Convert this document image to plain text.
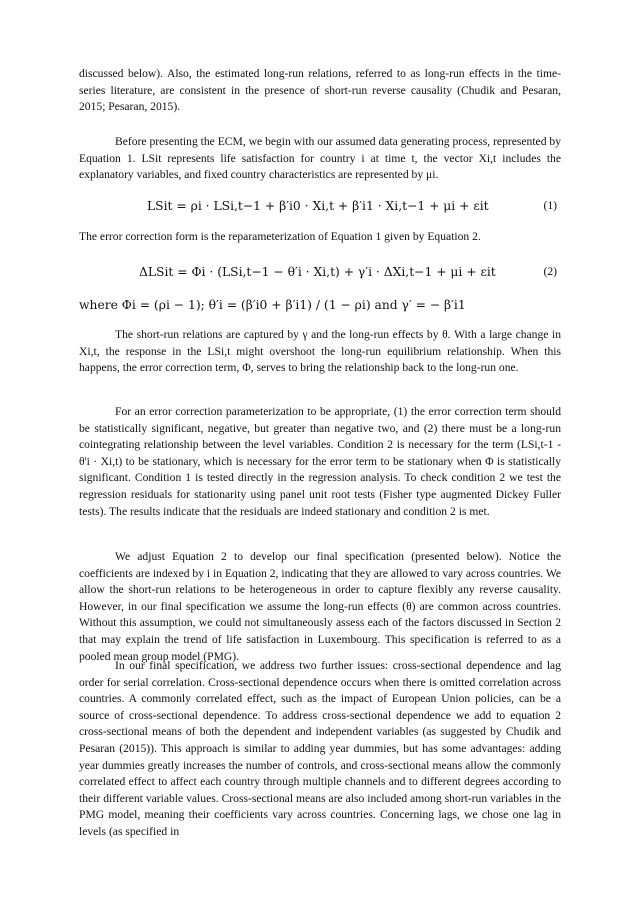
discussed below). Also, the estimated long-run relations, referred to as long-run effects in the time-series literature, are consistent in the presence of short-run reverse causality (Chudik and Pesaran, 2015; Pesaran, 2015).

Before presenting the ECM, we begin with our assumed data generating process, represented by Equation 1. LSit represents life satisfaction for country i at time t, the vector Xi,t includes the explanatory variables, and fixed country characteristics are represented by μi.

LSit = ρi · LSi,t−1 + β′i0 · Xi,t + β′i1 · Xi,t−1 + μi + εit	(1)

The error correction form is the reparameterization of Equation 1 given by Equation 2.

ΔLSit = Φi · (LSi,t−1 − θ′i · Xi,t) + γ′i · ΔXi,t−1 + μi + εit	(2)
where Φi = (ρi − 1); θ′i = (β′i0 + β′i1) / (1 − ρi) and γ′ = − β′i1

The short-run relations are captured by γ and the long-run effects by θ. With a large change in Xi,t, the response in the LSi,t might overshoot the long-run equilibrium relationship. When this happens, the error correction term, Φ, serves to bring the relationship back to the long-run one.

For an error correction parameterization to be appropriate, (1) the error correction term should be statistically significant, negative, but greater than negative two, and (2) there must be a long-run cointegrating relationship between the level variables. Condition 2 is necessary for the term (LSi,t-1 - θ'i · Xi,t) to be stationary, which is necessary for the error term to be stationary when Φ is statistically significant. Condition 1 is tested directly in the regression analysis. To check condition 2 we test the regression residuals for stationarity using panel unit root tests (Fisher type augmented Dickey Fuller tests). The results indicate that the residuals are indeed stationary and condition 2 is met.

We adjust Equation 2 to develop our final specification (presented below). Notice the coefficients are indexed by i in Equation 2, indicating that they are allowed to vary across countries. We allow the short-run relations to be heterogeneous in order to capture flexibly any reverse causality. However, in our final specification we assume the long-run effects (θ) are common across countries. Without this assumption, we could not simultaneously assess each of the factors discussed in Section 2 that may explain the trend of life satisfaction in Luxembourg. This specification is referred to as a pooled mean group model (PMG).

In our final specification, we address two further issues: cross-sectional dependence and lag order for serial correlation. Cross-sectional dependence occurs when there is omitted correlation across countries. A commonly correlated effect, such as the impact of European Union policies, can be a source of cross-sectional dependence. To address cross-sectional dependence we add to equation 2 cross-sectional means of both the dependent and independent variables (as suggested by Chudik and Pesaran (2015)). This approach is similar to adding year dummies, but has some advantages: adding year dummies greatly increases the number of controls, and cross-sectional means allow the commonly correlated effect to affect each country through multiple channels and to different degrees according to their different variable values. Cross-sectional means are also included among short-run variables in the PMG model, meaning their coefficients vary across countries. Concerning lags, we chose one lag in levels (as specified in
